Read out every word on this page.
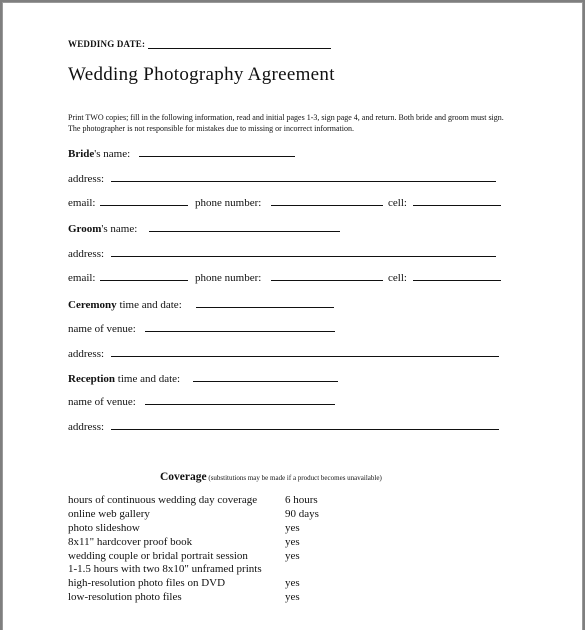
WEDDING DATE:
Wedding Photography Agreement
Print TWO copies; fill in the following information, read and initial pages 1-3, sign page 4, and return. Both bride and groom must sign. The photographer is not responsible for mistakes due to missing or incorrect information.
Bride's name:
address:
email:	phone number:	cell:
Groom's name:
address:
email:	phone number:	cell:
Ceremony time and date:
name of venue:
address:
Reception time and date:
name of venue:
address:
Coverage (substitutions may be made if a product becomes unavailable)
hours of continuous wedding day coverage	6 hours
online web gallery	90 days
photo slideshow	yes
8x11" hardcover proof book	yes
wedding couple or bridal portrait session	yes
1-1.5 hours with two 8x10" unframed prints
high-resolution photo files on DVD	yes
low-resolution photo files	yes
